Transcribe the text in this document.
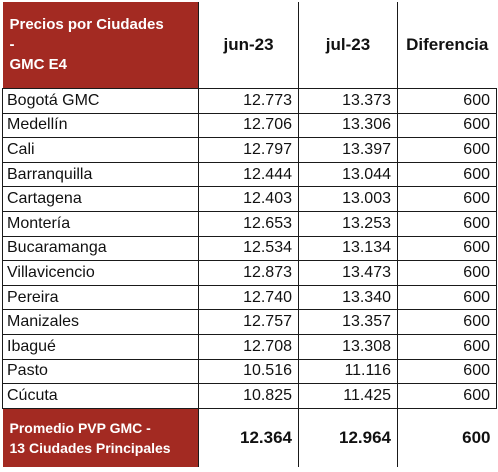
Precios por Ciudades
-
GMC E4	jun-23	jul-23	Diferencia
Bogotá GMC	12.773	13.373	600
Medellín	12.706	13.306	600
Cali	12.797	13.397	600
Barranquilla	12.444	13.044	600
Cartagena	12.403	13.003	600
Montería	12.653	13.253	600
Bucaramanga	12.534	13.134	600
Villavicencio	12.873	13.473	600
Pereira	12.740	13.340	600
Manizales	12.757	13.357	600
Ibagué	12.708	13.308	600
Pasto	10.516	11.116	600
Cúcuta	10.825	11.425	600

Promedio PVP GMC -
13 Ciudades Principales	12.364	12.964	600
